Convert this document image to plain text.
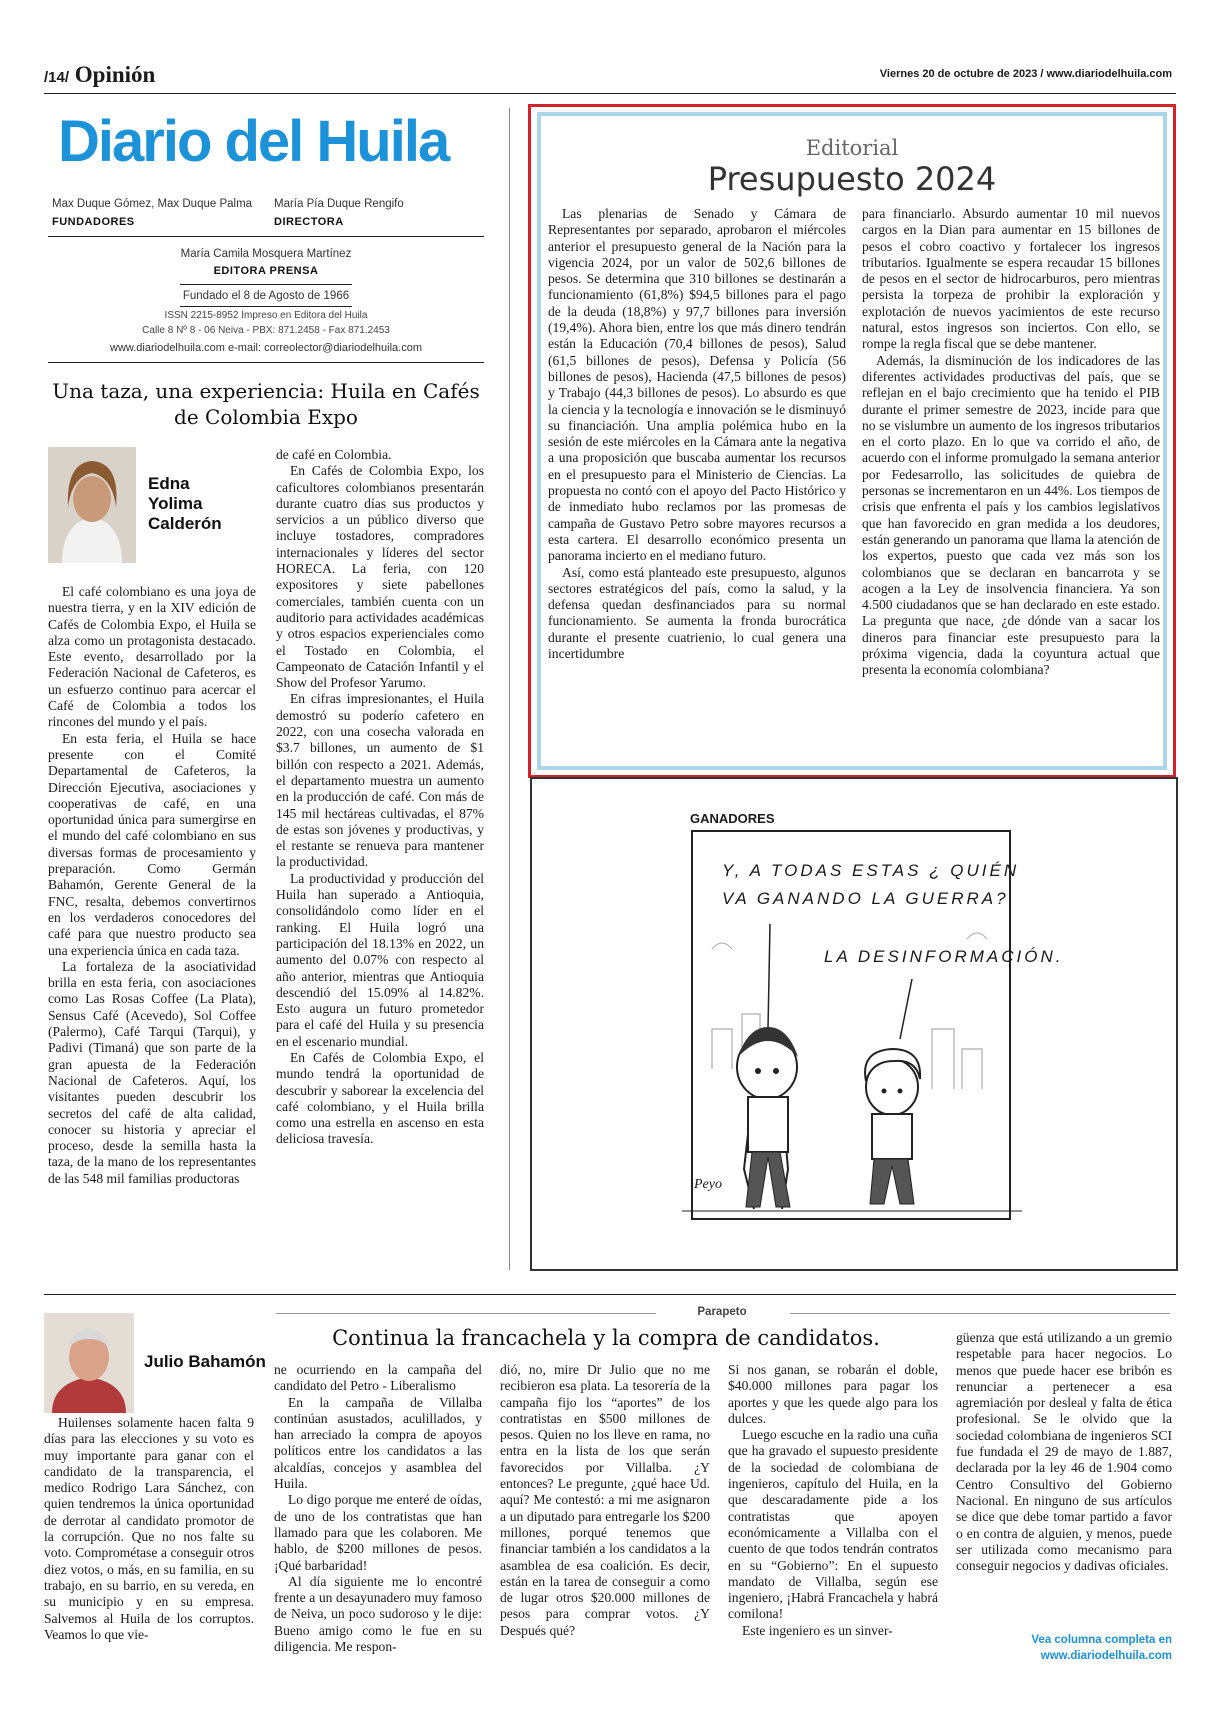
/14/ Opinión	Viernes 20 de octubre de 2023 / www.diariodelhuila.com
Diario del Huila
Max Duque Gómez, Max Duque Palma
FUNDADORES
María Pía Duque Rengifo
DIRECTORA
María Camila Mosquera Martínez
EDITORA PRENSA
Fundado el 8 de Agosto de 1966
ISSN 2215-8952 Impreso en Editora del Huila
Calle 8 Nº 8 - 06 Neiva - PBX: 871.2458 - Fax 871.2453
www.diariodelhuila.com e-mail: correolector@diariodelhuila.com
Editorial
Presupuesto 2024

Las plenarias de Senado y Cámara de Representantes por separado, aprobaron el miércoles anterior el presupuesto general de la Nación para la vigencia 2024, por un valor de 502,6 billones de pesos. Se determina que 310 billones se destinarán a funcionamiento (61,8%) $94,5 billones para el pago de la deuda (18,8%) y 97,7 billones para inversión (19,4%). Ahora bien, entre los que más dinero tendrán están la Educación (70,4 billones de pesos), Salud (61,5 billones de pesos), Defensa y Policía (56 billones de pesos), Hacienda (47,5 billones de pesos) y Trabajo (44,3 billones de pesos). Lo absurdo es que la ciencia y la tecnología e innovación se le disminuyó su financiación. Una amplia polémica hubo en la sesión de este miércoles en la Cámara ante la negativa a una proposición que buscaba aumentar los recursos en el presupuesto para el Ministerio de Ciencias. La propuesta no contó con el apoyo del Pacto Histórico y de inmediato hubo reclamos por las promesas de campaña de Gustavo Petro sobre mayores recursos a esta cartera. El desarrollo económico presenta un panorama incierto en el mediano futuro.

Así, como está planteado este presupuesto, algunos sectores estratégicos del país, como la salud, y la defensa quedan desfinanciados para su normal funcionamiento. Se aumenta la fronda burocrática durante el presente cuatrienio, lo cual genera una incertidumbre

para financiarlo. Absurdo aumentar 10 mil nuevos cargos en la Dian para aumentar en 15 billones de pesos el cobro coactivo y fortalecer los ingresos tributarios. Igualmente se espera recaudar 15 billones de pesos en el sector de hidrocarburos, pero mientras persista la torpeza de prohibir la exploración y explotación de nuevos yacimientos de este recurso natural, estos ingresos son inciertos. Con ello, se rompe la regla fiscal que se debe mantener.

Además, la disminución de los indicadores de las diferentes actividades productivas del país, que se reflejan en el bajo crecimiento que ha tenido el PIB durante el primer semestre de 2023, incide para que no se vislumbre un aumento de los ingresos tributarios en el corto plazo. En lo que va corrido el año, de acuerdo con el informe promulgado la semana anterior por Fedesarrollo, las solicitudes de quiebra de personas se incrementaron en un 44%. Los tiempos de crisis que enfrenta el país y los cambios legislativos que han favorecido en gran medida a los deudores, están generando un panorama que llama la atención de los expertos, puesto que cada vez más son los colombianos que se declaran en bancarrota y se acogen a la Ley de insolvencia financiera. Ya son 4.500 ciudadanos que se han declarado en este estado. La pregunta que nace, ¿de dónde van a sacar los dineros para financiar este presupuesto para la próxima vigencia, dada la coyuntura actual que presenta la economía colombiana?

GANADORES
Y, A TODAS ESTAS ¿ QUIÉN VA GANANDO LA GUERRA?
LA DESINFORMACIÓN.
Peyo
Una taza, una experiencia: Huila en Cafés de Colombia Expo
Edna Yolima Calderón

El café colombiano es una joya de nuestra tierra, y en la XIV edición de Cafés de Colombia Expo, el Huila se alza como un protagonista destacado. Este evento, desarrollado por la Federación Nacional de Cafeteros, es un esfuerzo continuo para acercar el Café de Colombia a todos los rincones del mundo y el país.

En esta feria, el Huila se hace presente con el Comité Departamental de Cafeteros, la Dirección Ejecutiva, asociaciones y cooperativas de café, en una oportunidad única para sumergirse en el mundo del café colombiano en sus diversas formas de procesamiento y preparación. Como Germán Bahamón, Gerente General de la FNC, resalta, debemos convertirnos en los verdaderos conocedores del café para que nuestro producto sea una experiencia única en cada taza.

La fortaleza de la asociatividad brilla en esta feria, con asociaciones como Las Rosas Coffee (La Plata), Sensus Café (Acevedo), Sol Coffee (Palermo), Café Tarqui (Tarqui), y Padivi (Timaná) que son parte de la gran apuesta de la Federación Nacional de Cafeteros. Aquí, los visitantes pueden descubrir los secretos del café de alta calidad, conocer su historia y apreciar el proceso, desde la semilla hasta la taza, de la mano de los representantes de las 548 mil familias productoras

de café en Colombia.

En Cafés de Colombia Expo, los caficultores colombianos presentarán durante cuatro días sus productos y servicios a un público diverso que incluye tostadores, compradores internacionales y líderes del sector HORECA. La feria, con 120 expositores y siete pabellones comerciales, también cuenta con un auditorio para actividades académicas y otros espacios experienciales como el Tostado en Colombia, el Campeonato de Catación Infantil y el Show del Profesor Yarumo.

En cifras impresionantes, el Huila demostró su poderío cafetero en 2022, con una cosecha valorada en $3.7 billones, un aumento de $1 billón con respecto a 2021. Además, el departamento muestra un aumento en la producción de café. Con más de 145 mil hectáreas cultivadas, el 87% de estas son jóvenes y productivas, y el restante se renueva para mantener la productividad.

La productividad y producción del Huila han superado a Antioquia, consolidándolo como líder en el ranking. El Huila logró una participación del 18.13% en 2022, un aumento del 0.07% con respecto al año anterior, mientras que Antioquia descendió del 15.09% al 14.82%. Esto augura un futuro prometedor para el café del Huila y su presencia en el escenario mundial.

En Cafés de Colombia Expo, el mundo tendrá la oportunidad de descubrir y saborear la excelencia del café colombiano, y el Huila brilla como una estrella en ascenso en esta deliciosa travesía.

Parapeto
Continua la francachela y la compra de candidatos.
Julio Bahamón

Huilenses solamente hacen falta 9 días para las elecciones y su voto es muy importante para ganar con el candidato de la transparencia, el medico Rodrigo Lara Sánchez, con quien tendremos la única oportunidad de derrotar al candidato promotor de la corrupción. Que no nos falte su voto. Comprométase a conseguir otros diez votos, o más, en su familia, en su trabajo, en su barrio, en su vereda, en su municipio y en su empresa. Salvemos al Huila de los corruptos. Veamos lo que vie-

ne ocurriendo en la campaña del candidato del Petro - Liberalismo

En la campaña de Villalba continúan asustados, aculillados, y han arreciado la compra de apoyos políticos entre los candidatos a las alcaldías, concejos y asamblea del Huila.

Lo digo porque me enteré de oídas, de uno de los contratistas que han llamado para que les colaboren. Me hablo, de $200 millones de pesos. ¡Qué barbaridad!

Al día siguiente me lo encontré frente a un desayunadero muy famoso de Neiva, un poco sudoroso y le dije: Bueno amigo como le fue en su diligencia. Me respon-

dió, no, mire Dr Julio que no me recibieron esa plata. La tesorería de la campaña fijo los “aportes” de los contratistas en $500 millones de pesos. Quien no los lleve en rama, no entra en la lista de los que serán favorecidos por Villalba. ¿Y entonces? Le pregunte, ¿qué hace Ud. aquí? Me contestó: a mi me asignaron a un diputado para entregarle los $200 millones, porqué tenemos que financiar también a los candidatos a la asamblea de esa coalición. Es decir, están en la tarea de conseguir a como de lugar otros $20.000 millones de pesos para comprar votos. ¿Y Después qué?

Si nos ganan, se robarán el doble, $40.000 millones para pagar los aportes y que les quede algo para los dulces.

Luego escuche en la radio una cuña que ha gravado el supuesto presidente de la sociedad de colombiana de ingenieros, capítulo del Huila, en la que descaradamente pide a los contratistas que apoyen económicamente a Villalba con el cuento de que todos tendrán contratos en su “Gobierno”: En el supuesto mandato de Villalba, según ese ingeniero, ¡Habrá Francachela y habrá comilona!

Este ingeniero es un sinver-

güenza que está utilizando a un gremio respetable para hacer negocios. Lo menos que puede hacer ese bribón es renunciar a pertenecer a esa agremiación por desleal y falta de ética profesional. Se le olvido que la sociedad colombiana de ingenieros SCI fue fundada el 29 de mayo de 1.887, declarada por la ley 46 de 1.904 como Centro Consultivo del Gobierno Nacional. En ninguno de sus artículos se dice que debe tomar partido a favor o en contra de alguien, y menos, puede ser utilizada como mecanismo para conseguir negocios y dadivas oficiales.

Vea columna completa en
www.diariodelhuila.com
